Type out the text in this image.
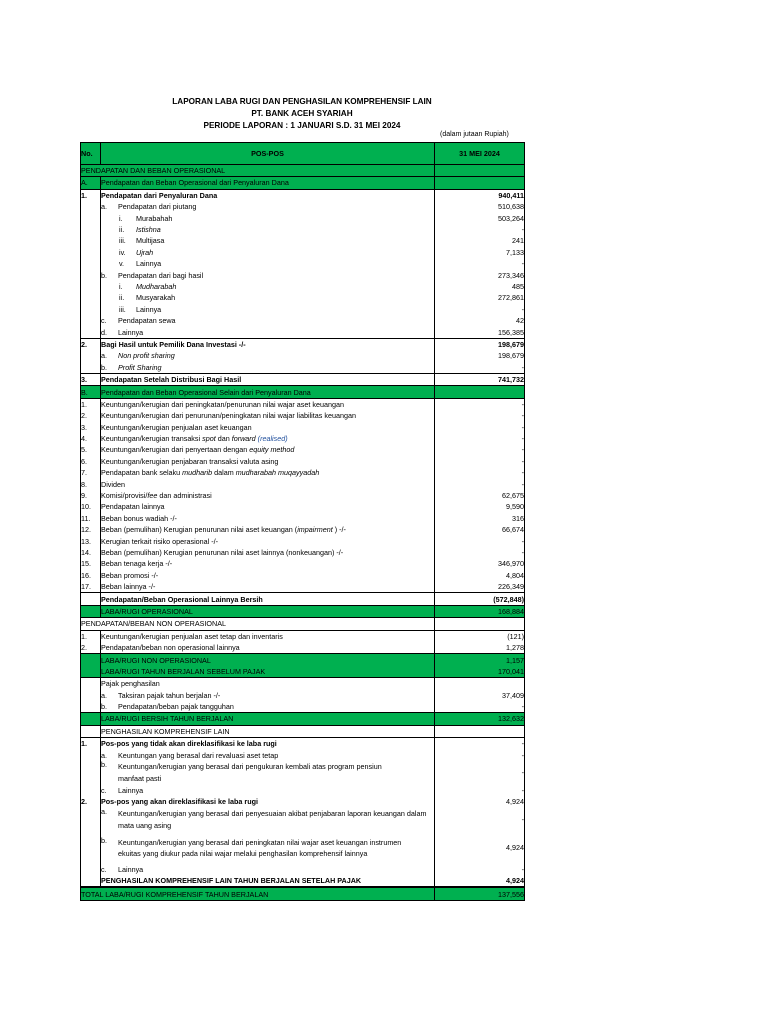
LAPORAN LABA RUGI DAN PENGHASILAN KOMPREHENSIF LAIN
PT. BANK ACEH SYARIAH
PERIODE LAPORAN : 1 JANUARI S.D. 31 MEI 2024
(dalam jutaan Rupiah)
No.	POS-POS	31 MEI 2024
PENDAPATAN DAN BEBAN OPERASIONAL		
A.	Pendapatan dan Beban Operasional dari Penyaluran Dana	
1.	Pendapatan dari Penyaluran Dana	940,411
	a. Pendapatan dari piutang	510,638
	i. Murabahah	503,264
	ii. Istishna	-
	iii. Multijasa	241
	iv. Ujrah	7,133
	v. Lainnya	-
	b. Pendapatan dari bagi hasil	273,346
	i. Mudharabah	485
	ii. Musyarakah	272,861
	iii. Lainnya	-
	c. Pendapatan sewa	42
	d. Lainnya	156,385
2.	Bagi Hasil untuk Pemilik Dana Investasi -/-	198,679
	a. Non profit sharing	198,679
	b. Profit Sharing	-
3.	Pendapatan Setelah Distribusi Bagi Hasil	741,732
B.	Pendapatan dan Beban Operasional Selain dari Penyaluran Dana	
1.	Keuntungan/kerugian dari peningkatan/penurunan nilai wajar aset keuangan	-
2.	Keuntungan/kerugian dari penurunan/peningkatan nilai wajar liabilitas keuangan	-
3.	Keuntungan/kerugian penjualan aset keuangan	-
4.	Keuntungan/kerugian transaksi spot dan forward (realised)	-
5.	Keuntungan/kerugian dari penyertaan dengan equity method	-
6.	Keuntungan/kerugian penjabaran transaksi valuta asing	-
7.	Pendapatan bank selaku mudharib dalam mudharabah muqayyadah	-
8.	Dividen	-
9.	Komisi/provisi/fee dan administrasi	62,675
10.	Pendapatan lainnya	9,590
11.	Beban bonus wadiah -/-	316
12.	Beban (pemulihan) Kerugian penurunan nilai aset keuangan (impairment ) -/-	66,674
13.	Kerugian terkait risiko operasional -/-	-
14.	Beban (pemulihan) Kerugian penurunan nilai aset lainnya (nonkeuangan) -/-	-
15.	Beban tenaga kerja -/-	346,970
16.	Beban promosi -/-	4,804
17.	Beban lainnya -/-	226,349
	Pendapatan/Beban Operasional Lainnya Bersih	(572,848)
	LABA/RUGI OPERASIONAL	168,884
PENDAPATAN/BEBAN NON OPERASIONAL		
1.	Keuntungan/kerugian penjualan aset tetap dan inventaris	(121)
2.	Pendapatan/beban non operasional lainnya	1,278
	LABA/RUGI NON OPERASIONAL	1,157
	LABA/RUGI TAHUN BERJALAN SEBELUM PAJAK	170,041
	Pajak penghasilan	
	a. Taksiran pajak tahun berjalan -/-	37,409
	b. Pendapatan/beban pajak tangguhan	-
	LABA/RUGI BERSIH TAHUN BERJALAN	132,632
	PENGHASILAN KOMPREHENSIF LAIN	
1.	Pos-pos yang tidak akan direklasifikasi ke laba rugi	-
	a. Keuntungan yang berasal dari revaluasi aset tetap	-
	b. Keuntungan/kerugian yang berasal dari pengukuran kembali atas program pensiun manfaat pasti	-
	c. Lainnya	-
2.	Pos-pos yang akan direklasifikasi ke laba rugi	4,924
	a. Keuntungan/kerugian yang berasal dari penyesuaian akibat penjabaran laporan keuangan dalam mata uang asing	-
	b. Keuntungan/kerugian yang berasal dari peningkatan nilai wajar aset keuangan instrumen ekuitas yang diukur pada nilai wajar melalui penghasilan komprehensif lainnya	4,924
	c. Lainnya	-
	PENGHASILAN KOMPREHENSIF LAIN TAHUN BERJALAN SETELAH PAJAK	4,924
TOTAL LABA/RUGI KOMPREHENSIF TAHUN BERJALAN		137,556
